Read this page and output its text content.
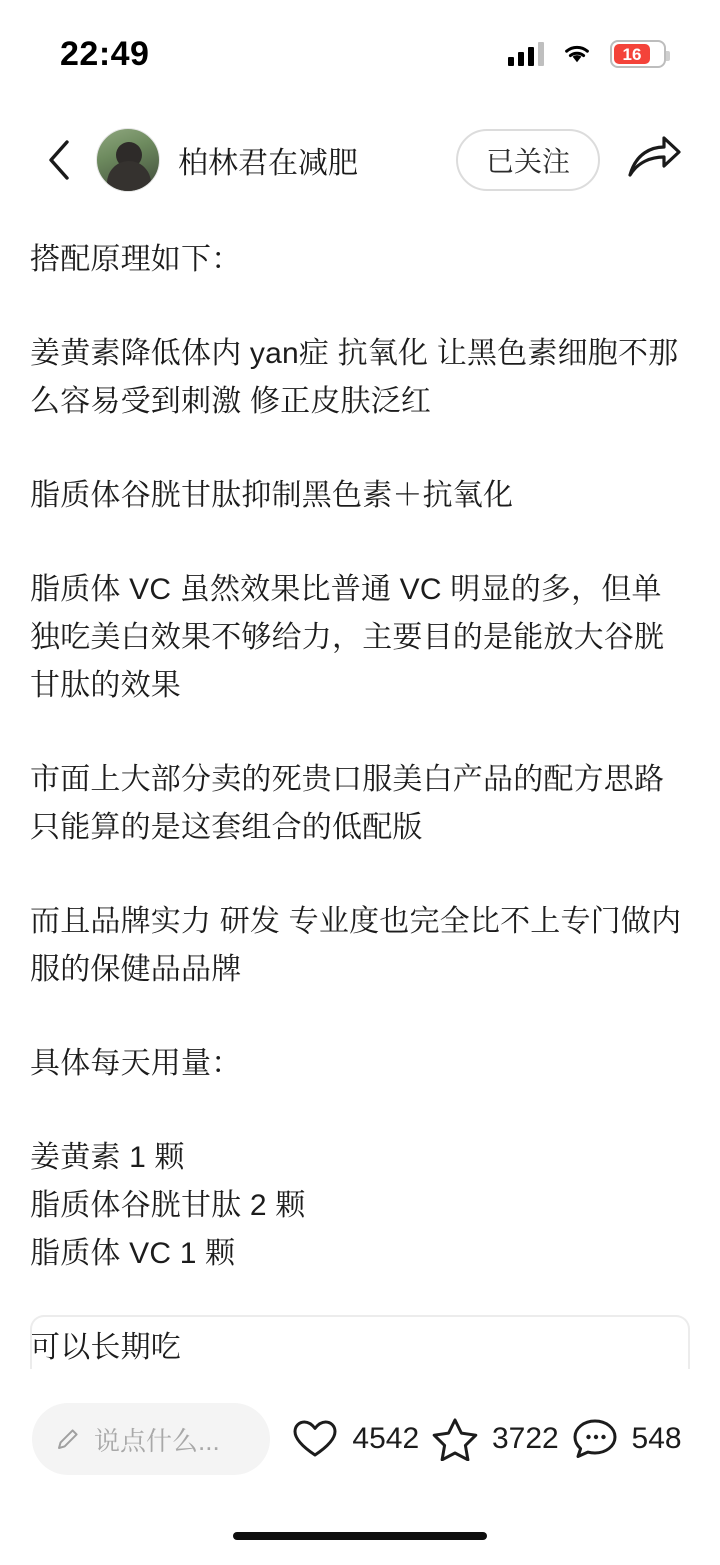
22:49	16
柏林君在减肥	已关注
搭配原理如下：
姜黄素降低体内 yan症 抗氧化 让黑色素细胞不那么容易受到刺激 修正皮肤泛红
脂质体谷胱甘肽抑制黑色素＋抗氧化
脂质体 VC 虽然效果比普通 VC 明显的多，但单独吃美白效果不够给力，主要目的是能放大谷胱甘肽的效果
市面上大部分卖的死贵口服美白产品的配方思路只能算的是这套组合的低配版
而且品牌实力 研发 专业度也完全比不上专门做内服的保健品品牌
具体每天用量：
姜黄素 1 颗
脂质体谷胱甘肽 2 颗
脂质体 VC 1 颗
可以长期吃
说点什么...	4542 3722 548
